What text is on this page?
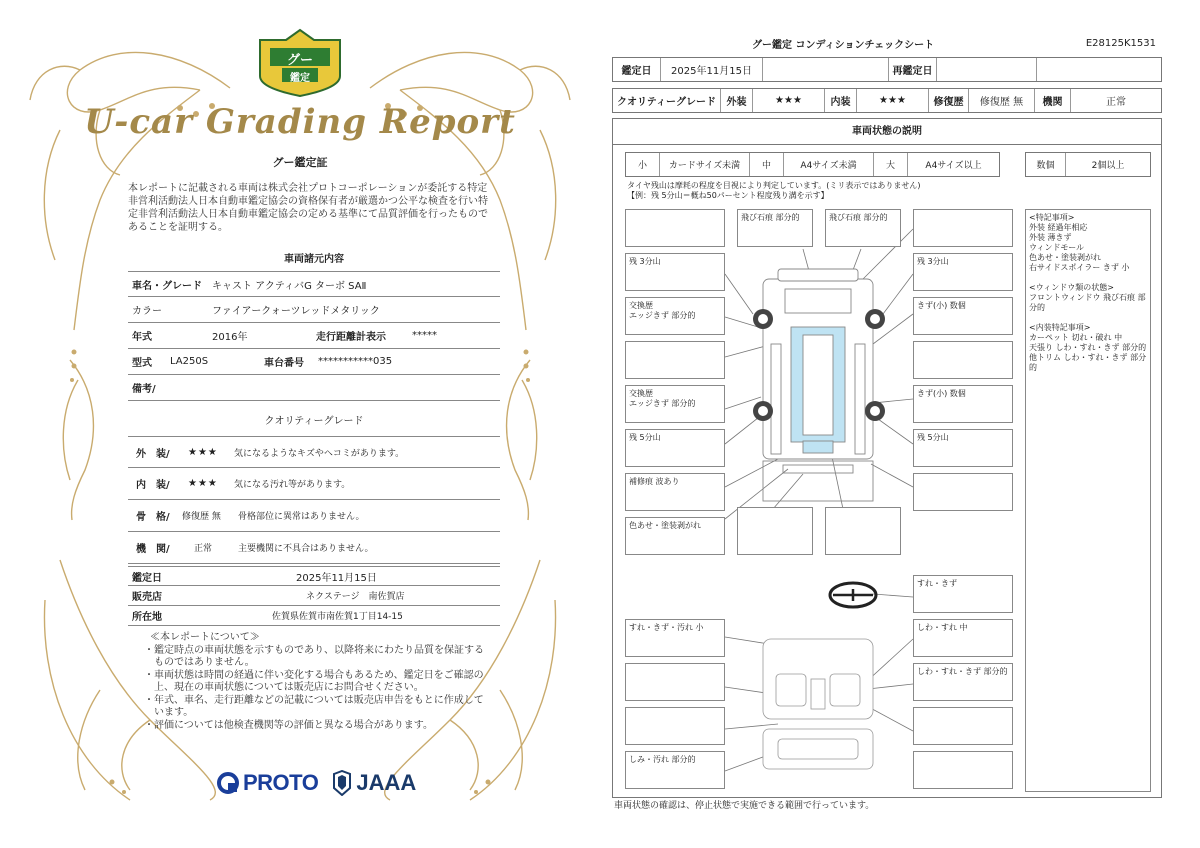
グー
鑑定
U-car Grading Report
グー鑑定証
本レポートに記載される車両は株式会社プロトコーポレーションが委託する特定非営利活動法人日本自動車鑑定協会の資格保有者が厳選かつ公平な検査を行い特定非営利活動法人日本自動車鑑定協会の定める基準にて品質評価を行ったものであることを証明する。
車両諸元内容
車名・グレード	キャスト アクティバG ターボ SAⅡ
カラー	ファイアークォーツレッドメタリック
年式	2016年	走行距離計表示	*****
型式	LA250S	車台番号	***********035
備考/
クオリティーグレード
外　装/	★★★	気になるようなキズやヘコミがあります。
内　装/	★★★	気になる汚れ等があります。
骨　格/	修復歴 無	骨格部位に異常はありません。
機　関/	正常	主要機関に不具合はありません。
鑑定日	2025年11月15日
販売店	ネクステージ　南佐賀店
所在地	佐賀県佐賀市南佐賀1丁目14-15
≪本レポートについて≫
・鑑定時点の車両状態を示すものであり、以降将来にわたり品質を保証するものではありません。
・車両状態は時間の経過に伴い変化する場合もあるため、鑑定日をご確認の上、現在の車両状態については販売店にお問合せください。
・年式、車名、走行距離などの記載については販売店申告をもとに作成しています。
・評価については他検査機関等の評価と異なる場合があります。
PROTO JAAA
グー鑑定 コンディションチェックシート	E28125K1531
鑑定日	2025年11月15日	再鑑定日
クオリティーグレード	外装	★★★	内装	★★★	修復歴	修復歴 無	機関	正常
車両状態の説明
小	カードサイズ未満	中	A4サイズ未満	大	A4サイズ以上	数個	2個以上
タイヤ残山は摩耗の程度を目視により判定しています。(ミリ表示ではありません)
【例：残 5分山＝概ね50パーセント程度残り溝を示す】
飛び石痕 部分的	飛び石痕 部分的
残 3分山
交換歴
エッジきず 部分的
交換歴
エッジきず 部分的
残 5分山
補修痕 波あり
色あせ・塗装剥がれ
残 3分山
きず(小) 数個
きず(小) 数個
残 5分山
すれ・きず
すれ・きず・汚れ 小
しみ・汚れ 部分的
しわ・すれ 中
しわ・すれ・きず 部分的
<特記事項>
外装 経過年相応
外装 薄きず
ウィンドモール
色あせ・塗装剥がれ
右サイドスポイラー きず 小
<ウィンドウ類の状態>
フロントウィンドウ 飛び石痕 部分的
<内装特記事項>
カーペット 切れ・破れ 中
天張り しわ・すれ・きず 部分的
他トリム しわ・すれ・きず 部分的
車両状態の確認は、停止状態で実施できる範囲で行っています。
